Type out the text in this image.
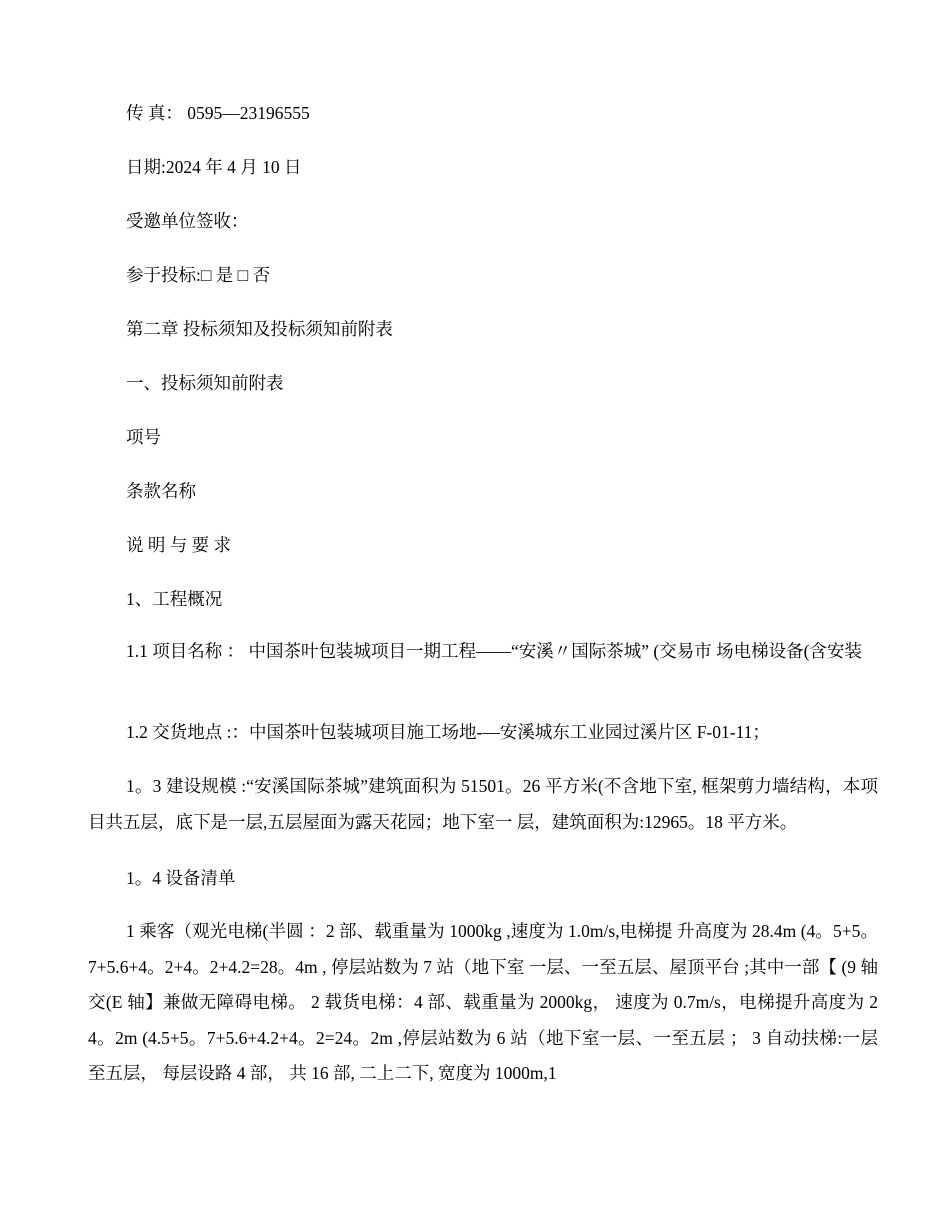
传 真： 0595—23196555
日期:2024 年 4 月 10 日
受邀单位签收：
参于投标:□ 是 □ 否
第二章 投标须知及投标须知前附表
一、投标须知前附表
项号
条款名称
说 明 与 要 求
1、工程概况
1.1 项目名称 ： 中国茶叶包装城项目一期工程——“安溪〃国际茶城” (交易市 场电梯设备(含安装
1.2 交货地点 :：中国茶叶包装城项目施工场地-—安溪城东工业园过溪片区 F-01-11；
1。3 建设规模 :“安溪国际茶城”建筑面积为 51501。26 平方米(不含地下室, 框架剪力墙结构，本项目共五层，底下是一层,五层屋面为露天花园；地下室一 层，建筑面积为:12965。18 平方米。
1。4 设备清单
1 乘客（观光电梯(半圆 ：2 部、载重量为 1000kg ,速度为 1.0m/s,电梯提 升高度为 28.4m (4。5+5。7+5.6+4。2+4。2+4.2=28。4m , 停层站数为 7 站（地下室 一层、一至五层、屋顶平台 ;其中一部【 (9 轴交(E 轴】兼做无障碍电梯。 2 载货电梯：4 部、载重量为 2000kg， 速度为 0.7m/s，电梯提升高度为 24。2m (4.5+5。7+5.6+4.2+4。2=24。2m ,停层站数为 6 站（地下室一层、一至五层 ； 3 自动扶梯:一层至五层， 每层设路 4 部， 共 16 部, 二上二下, 宽度为 1000m,1
